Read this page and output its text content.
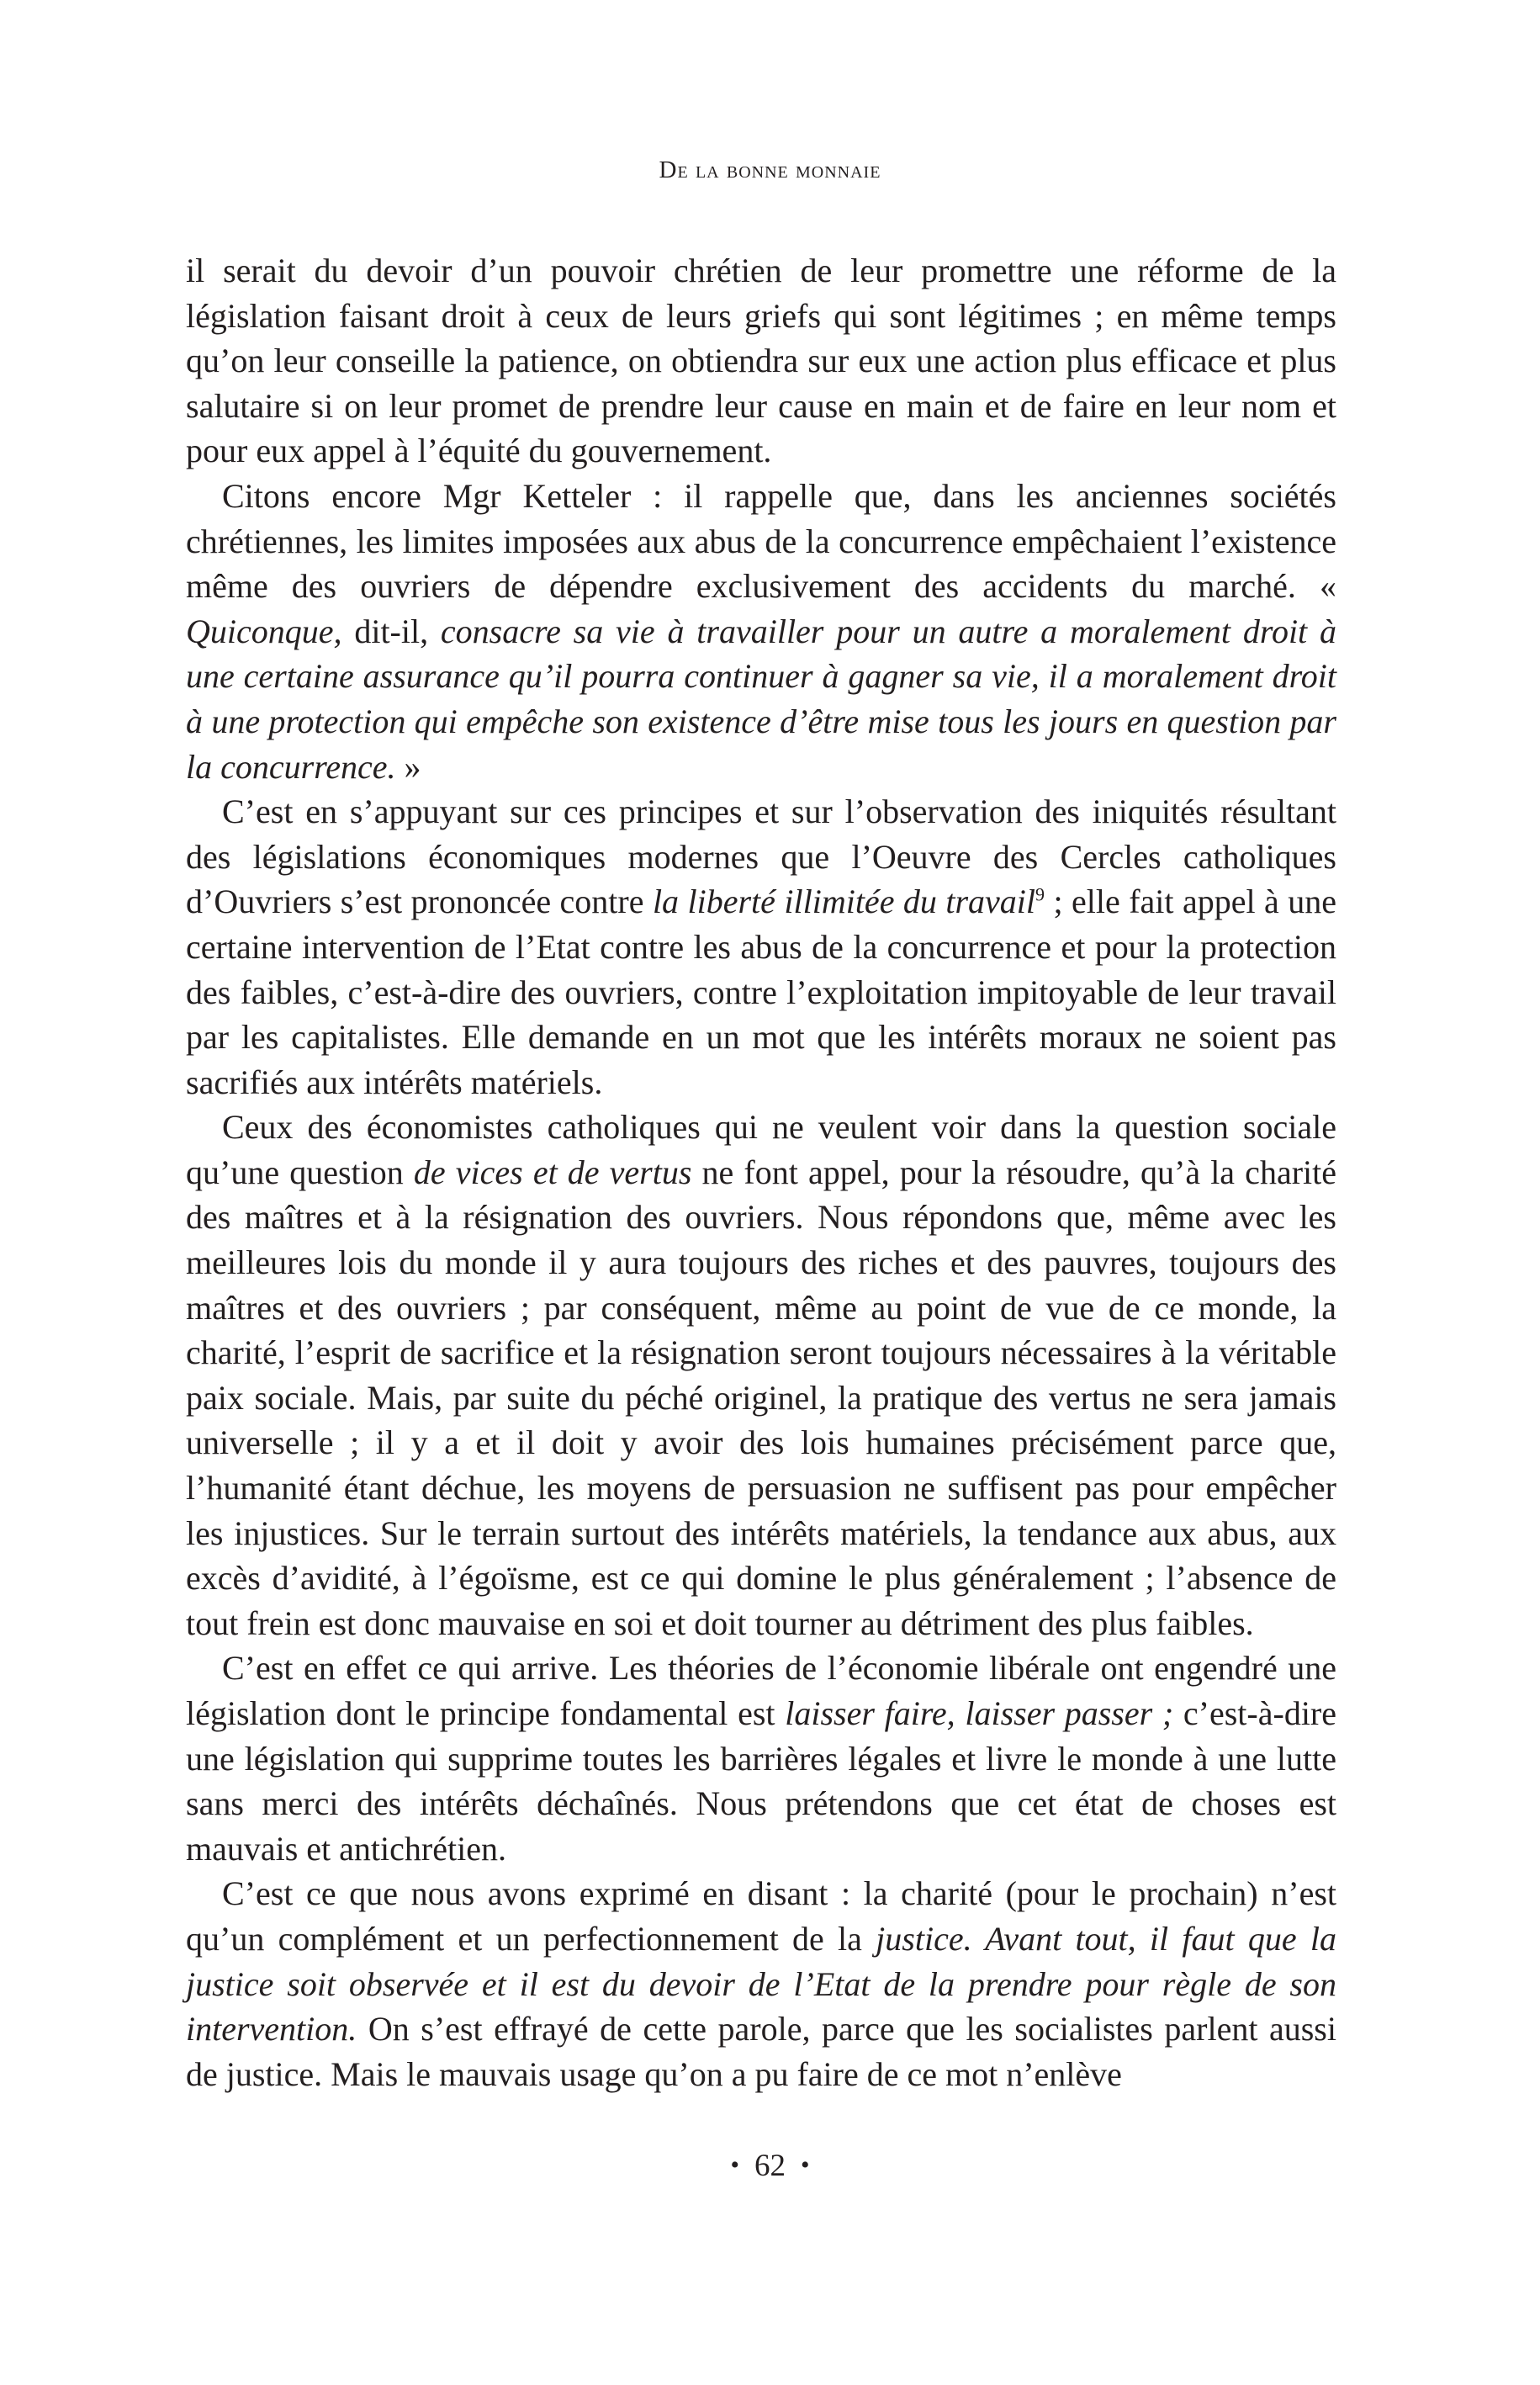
De la bonne monnaie

il serait du devoir d’un pouvoir chrétien de leur promettre une réforme de la législation faisant droit à ceux de leurs griefs qui sont légitimes ; en même temps qu’on leur conseille la patience, on obtiendra sur eux une action plus efficace et plus salutaire si on leur promet de prendre leur cause en main et de faire en leur nom et pour eux appel à l’équité du gouvernement.

Citons encore Mgr Ketteler : il rappelle que, dans les anciennes sociétés chrétiennes, les limites imposées aux abus de la concurrence empêchaient l’existence même des ouvriers de dépendre exclusivement des accidents du marché. « Quiconque, dit-il, consacre sa vie à travailler pour un autre a moralement droit à une certaine assurance qu’il pourra continuer à gagner sa vie, il a moralement droit à une protection qui empêche son existence d’être mise tous les jours en question par la concurrence. »

C’est en s’appuyant sur ces principes et sur l’observation des iniquités résultant des législations économiques modernes que l’Oeuvre des Cercles catholiques d’Ouvriers s’est prononcée contre la liberté illimitée du travail$^9$ ; elle fait appel à une certaine intervention de l’Etat contre les abus de la concurrence et pour la protection des faibles, c’est-à-dire des ouvriers, contre l’exploitation impitoyable de leur travail par les capitalistes. Elle demande en un mot que les intérêts moraux ne soient pas sacrifiés aux intérêts matériels.

Ceux des économistes catholiques qui ne veulent voir dans la question sociale qu’une question de vices et de vertus ne font appel, pour la résoudre, qu’à la charité des maîtres et à la résignation des ouvriers. Nous répondons que, même avec les meilleures lois du monde il y aura toujours des riches et des pauvres, toujours des maîtres et des ouvriers ; par conséquent, même au point de vue de ce monde, la charité, l’esprit de sacrifice et la résignation seront toujours nécessaires à la véritable paix sociale. Mais, par suite du péché originel, la pratique des vertus ne sera jamais universelle ; il y a et il doit y avoir des lois humaines précisément parce que, l’humanité étant déchue, les moyens de persuasion ne suffisent pas pour empêcher les injustices. Sur le terrain surtout des intérêts matériels, la tendance aux abus, aux excès d’avidité, à l’égoïsme, est ce qui domine le plus généralement ; l’absence de tout frein est donc mauvaise en soi et doit tourner au détriment des plus faibles.

C’est en effet ce qui arrive. Les théories de l’économie libérale ont engendré une législation dont le principe fondamental est laisser faire, laisser passer ; c’est-à-dire une législation qui supprime toutes les barrières légales et livre le monde à une lutte sans merci des intérêts déchaînés. Nous prétendons que cet état de choses est mauvais et antichrétien.

C’est ce que nous avons exprimé en disant : la charité (pour le prochain) n’est qu’un complément et un perfectionnement de la justice. Avant tout, il faut que la justice soit observée et il est du devoir de l’Etat de la prendre pour règle de son intervention. On s’est effrayé de cette parole, parce que les socialistes parlent aussi de justice. Mais le mauvais usage qu’on a pu faire de ce mot n’enlève

• 62 •
